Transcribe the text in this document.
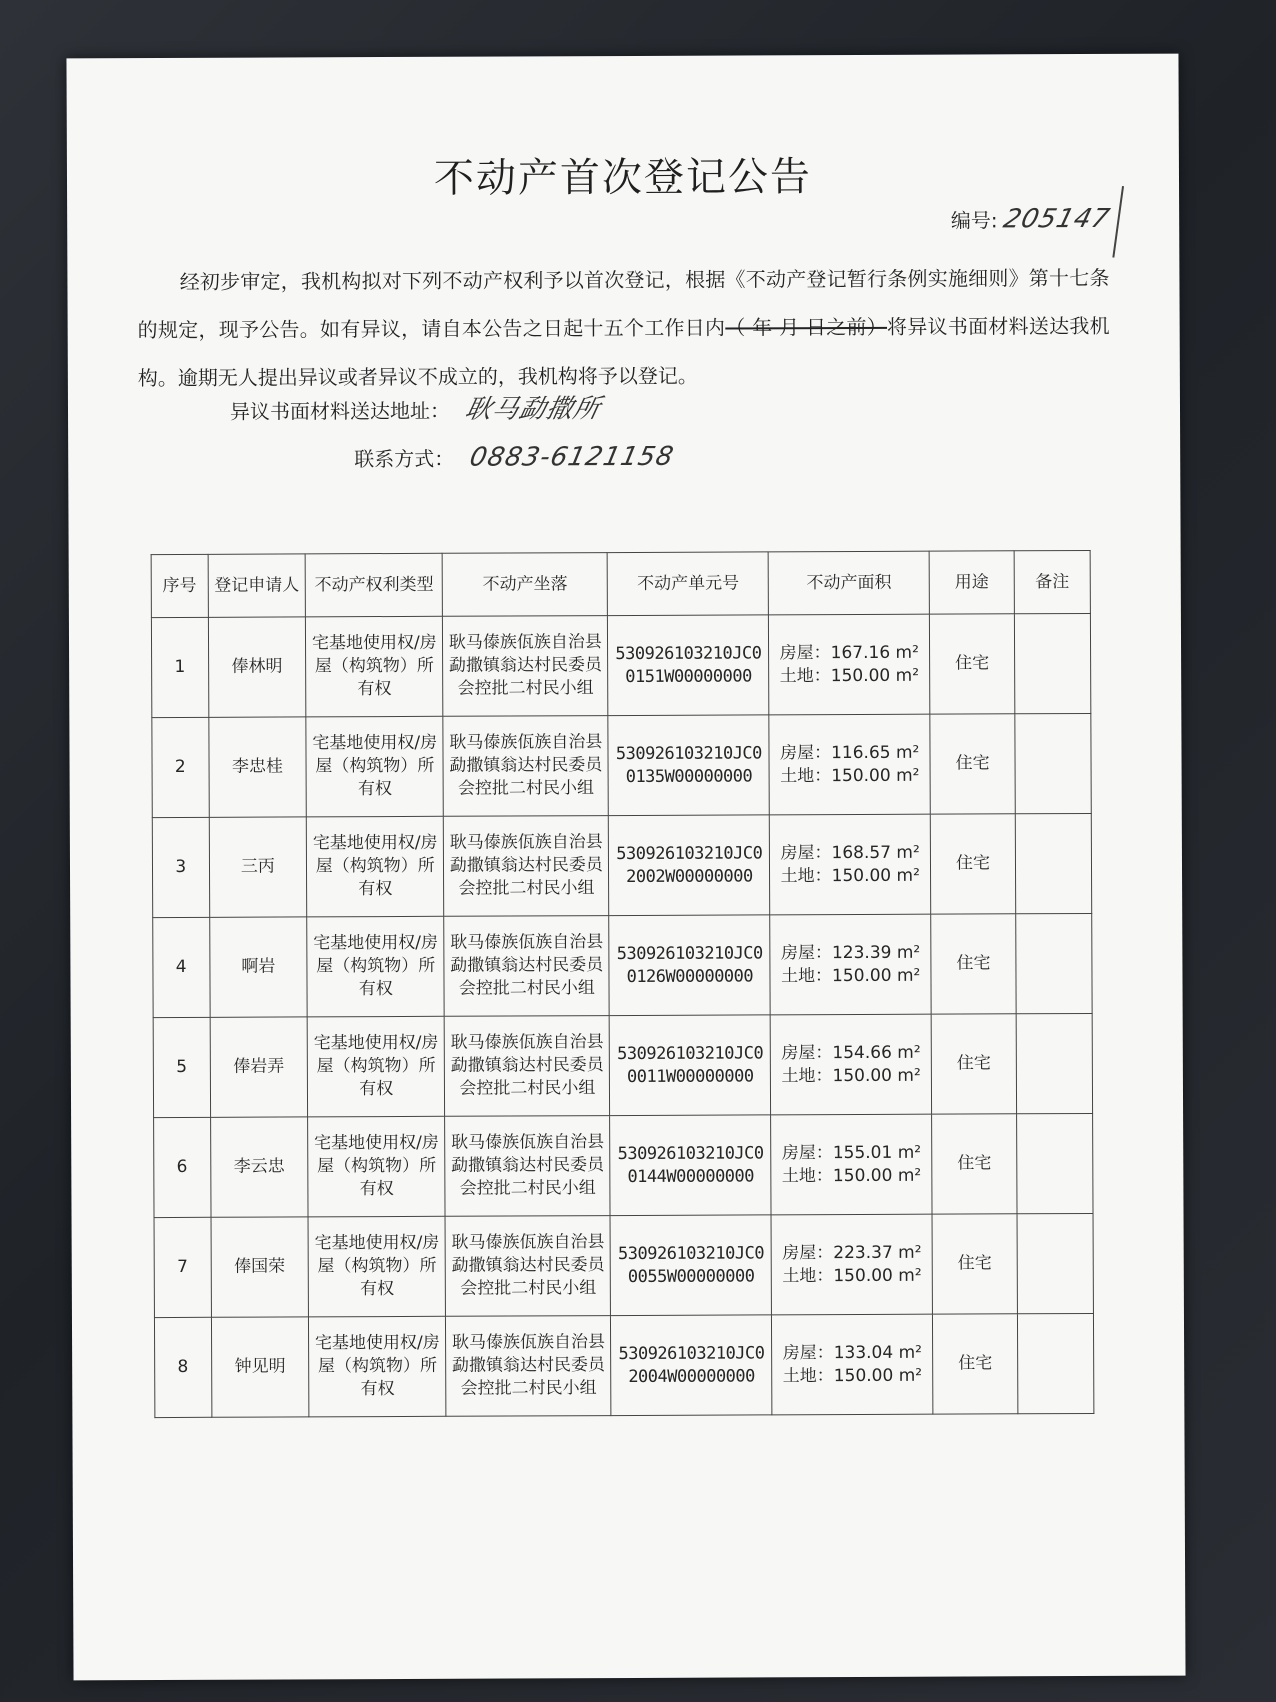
不动产首次登记公告
编号: 205147
经初步审定，我机构拟对下列不动产权利予以首次登记，根据《不动产登记暂行条例实施细则》第十七条的规定，现予公告。如有异议，请自本公告之日起十五个工作日内（ 年 月 日之前）将异议书面材料送达我机构。逾期无人提出异议或者异议不成立的，我机构将予以登记。
异议书面材料送达地址： 耿马勐撒所
联系方式： 0883-6121158
序号	登记申请人	不动产权利类型	不动产坐落	不动产单元号	不动产面积	用途	备注
1	俸林明	宅基地使用权/房屋（构筑物）所有权	耿马傣族佤族自治县勐撒镇翁达村民委员会控批二村民小组	530926103210JC00151W00000000	房屋：167.16 m²土地：150.00 m²	住宅	
2	李忠桂	宅基地使用权/房屋（构筑物）所有权	耿马傣族佤族自治县勐撒镇翁达村民委员会控批二村民小组	530926103210JC00135W00000000	房屋：116.65 m²土地：150.00 m²	住宅	
3	三丙	宅基地使用权/房屋（构筑物）所有权	耿马傣族佤族自治县勐撒镇翁达村民委员会控批二村民小组	530926103210JC02002W00000000	房屋：168.57 m²土地：150.00 m²	住宅	
4	啊岩	宅基地使用权/房屋（构筑物）所有权	耿马傣族佤族自治县勐撒镇翁达村民委员会控批二村民小组	530926103210JC00126W00000000	房屋：123.39 m²土地：150.00 m²	住宅	
5	俸岩弄	宅基地使用权/房屋（构筑物）所有权	耿马傣族佤族自治县勐撒镇翁达村民委员会控批二村民小组	530926103210JC00011W00000000	房屋：154.66 m²土地：150.00 m²	住宅	
6	李云忠	宅基地使用权/房屋（构筑物）所有权	耿马傣族佤族自治县勐撒镇翁达村民委员会控批二村民小组	530926103210JC00144W00000000	房屋：155.01 m²土地：150.00 m²	住宅	
7	俸国荣	宅基地使用权/房屋（构筑物）所有权	耿马傣族佤族自治县勐撒镇翁达村民委员会控批二村民小组	530926103210JC00055W00000000	房屋：223.37 m²土地：150.00 m²	住宅	
8	钟见明	宅基地使用权/房屋（构筑物）所有权	耿马傣族佤族自治县勐撒镇翁达村民委员会控批二村民小组	530926103210JC02004W00000000	房屋：133.04 m²土地：150.00 m²	住宅	
